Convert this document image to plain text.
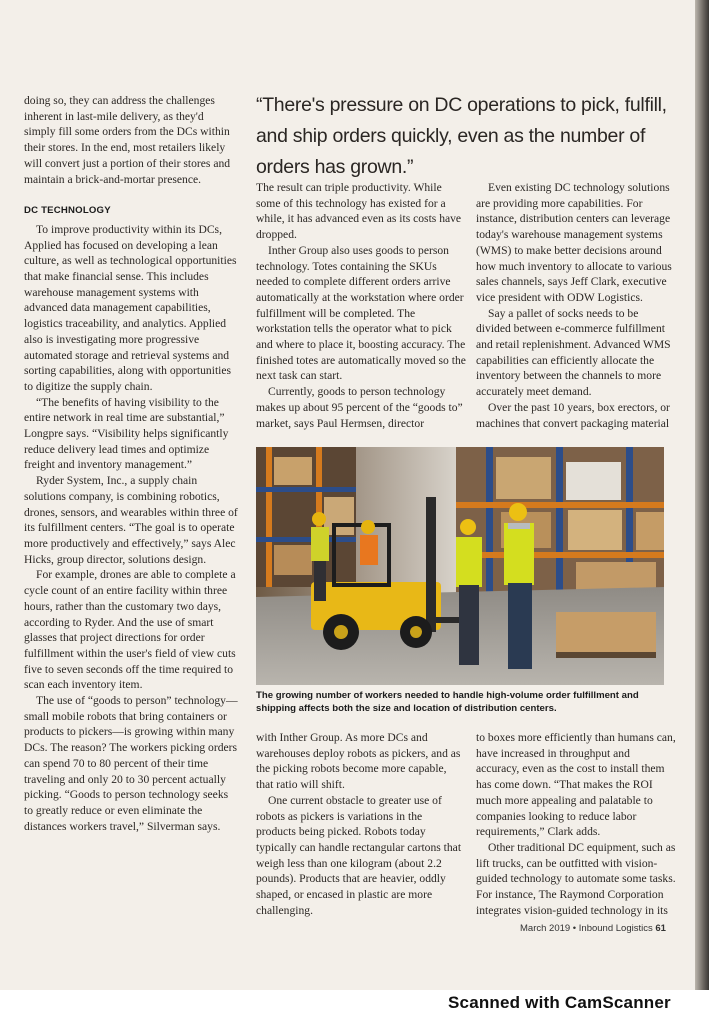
doing so, they can address the challenges inherent in last-mile delivery, as they'd simply fill some orders from the DCs within their stores. In the end, most retailers likely will convert just a portion of their stores and maintain a brick-and-mortar presence.

DC TECHNOLOGY

To improve productivity within its DCs, Applied has focused on developing a lean culture, as well as technological opportunities that make financial sense. This includes warehouse management systems with advanced data management capabilities, logistics traceability, and analytics. Applied also is investigating more progressive automated storage and retrieval systems and sorting capabilities, along with opportunities to digitize the supply chain.

“The benefits of having visibility to the entire network in real time are substantial,” Longpre says. “Visibility helps significantly reduce delivery lead times and optimize freight and inventory management.”

Ryder System, Inc., a supply chain solutions company, is combining robotics, drones, sensors, and wearables within three of its fulfillment centers. “The goal is to operate more productively and effectively,” says Alec Hicks, group director, solutions design.

For example, drones are able to complete a cycle count of an entire facility within three hours, rather than the customary two days, according to Ryder. And the use of smart glasses that project directions for order fulfillment within the user's field of view cuts five to seven seconds off the time required to scan each inventory item.

The use of “goods to person” technology—small mobile robots that bring containers or products to pickers—is growing within many DCs. The reason? The workers picking orders can spend 70 to 80 percent of their time traveling and only 20 to 30 percent actually picking. “Goods to person technology seeks to greatly reduce or even eliminate the distances workers travel,” Silverman says.

“There's pressure on DC operations to pick, fulfill, and ship orders quickly, even as the number of orders has grown.”

The result can triple productivity. While some of this technology has existed for a while, it has advanced even as its costs have dropped.

Inther Group also uses goods to person technology. Totes containing the SKUs needed to complete different orders arrive automatically at the workstation where order fulfillment will be completed. The workstation tells the operator what to pick and where to place it, boosting accuracy. The finished totes are automatically moved so the next task can start.

Currently, goods to person technology makes up about 95 percent of the “goods to” market, says Paul Hermsen, director

Even existing DC technology solutions are providing more capabilities. For instance, distribution centers can leverage today's warehouse management systems (WMS) to make better decisions around how much inventory to allocate to various sales channels, says Jeff Clark, executive vice president with ODW Logistics.

Say a pallet of socks needs to be divided between e-commerce fulfillment and retail replenishment. Advanced WMS capabilities can efficiently allocate the inventory between the channels to more accurately meet demand.

Over the past 10 years, box erectors, or machines that convert packaging material

The growing number of workers needed to handle high-volume order fulfillment and shipping affects both the size and location of distribution centers.

with Inther Group. As more DCs and warehouses deploy robots as pickers, and as the picking robots become more capable, that ratio will shift.

One current obstacle to greater use of robots as pickers is variations in the products being picked. Robots today typically can handle rectangular cartons that weigh less than one kilogram (about 2.2 pounds). Products that are heavier, oddly shaped, or encased in plastic are more challenging.

to boxes more efficiently than humans can, have increased in throughput and accuracy, even as the cost to install them has come down. “That makes the ROI much more appealing and palatable to companies looking to reduce labor requirements,” Clark adds.

Other traditional DC equipment, such as lift trucks, can be outfitted with vision-guided technology to automate some tasks. For instance, The Raymond Corporation integrates vision-guided technology in its

March 2019 • Inbound Logistics 61
Scanned with CamScanner
